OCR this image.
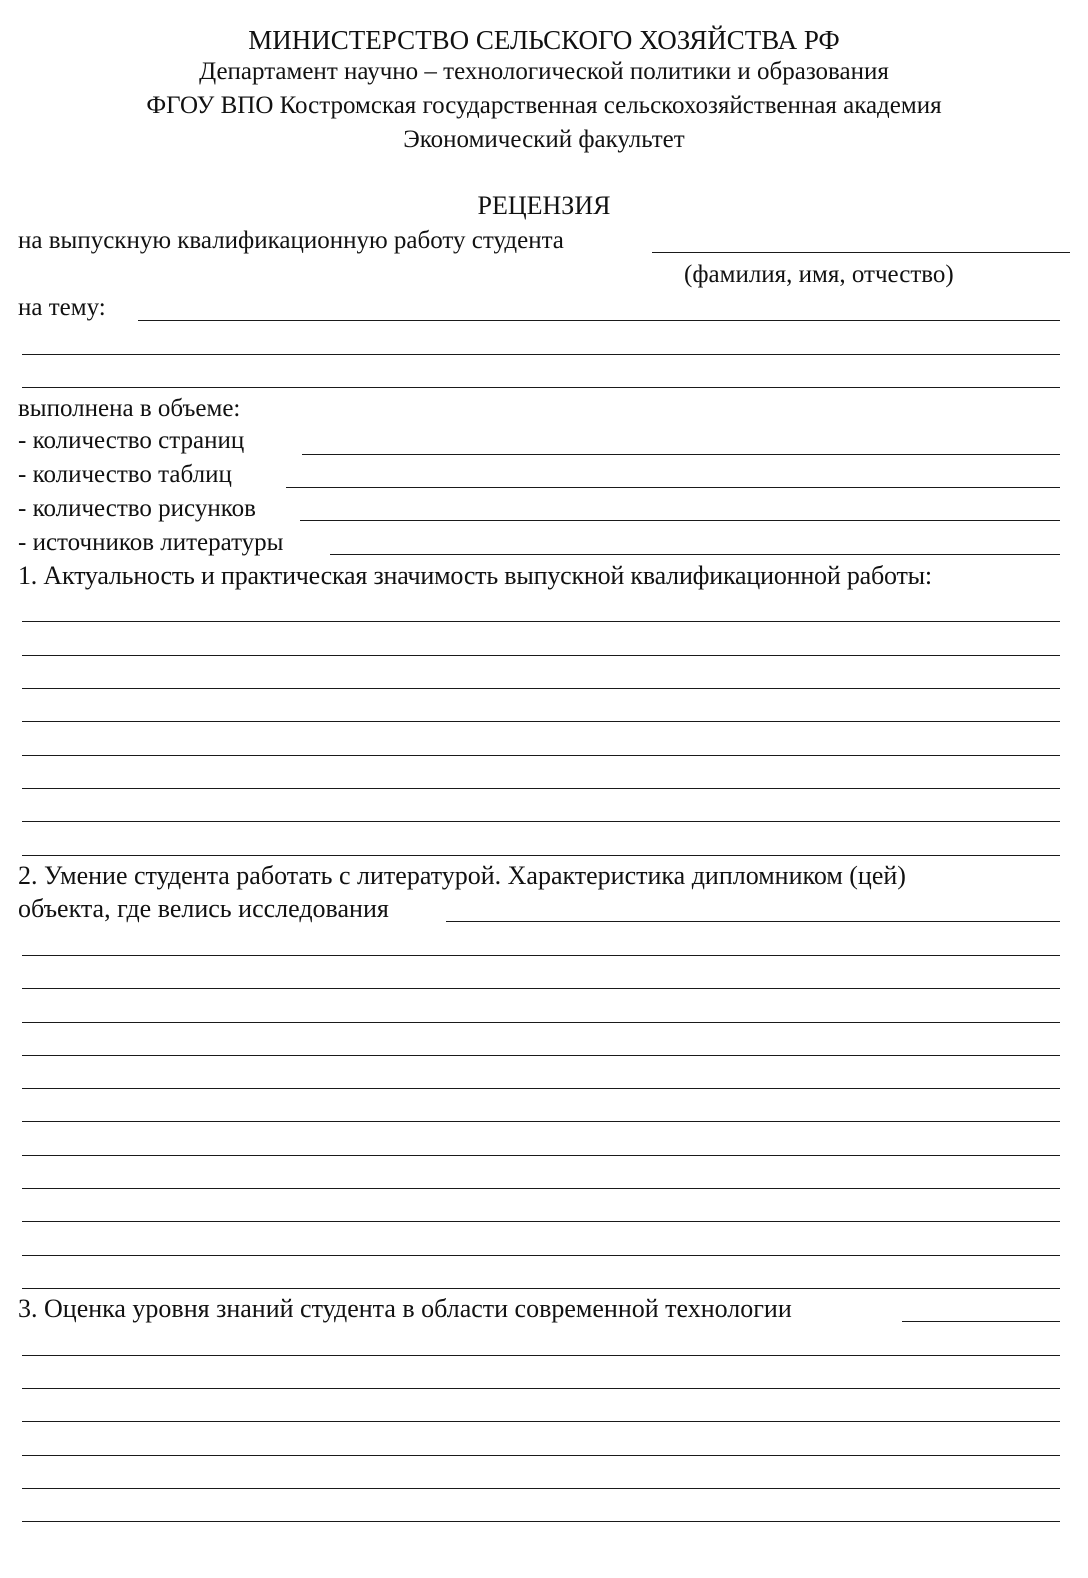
МИНИСТЕРСТВО СЕЛЬСКОГО ХОЗЯЙСТВА РФ
Департамент научно – технологической политики и образования
ФГОУ ВПО Костромская государственная сельскохозяйственная академия
Экономический факультет
РЕЦЕНЗИЯ
на выпускную квалификационную работу студента
(фамилия, имя, отчество)
на тему:
выполнена в объеме:
- количество страниц
- количество таблиц
- количество рисунков
- источников литературы
1. Актуальность и практическая значимость выпускной квалификационной работы:
2. Умение студента работать с литературой. Характеристика дипломником (цей)
объекта, где велись исследования
3. Оценка уровня знаний студента в области современной технологии
